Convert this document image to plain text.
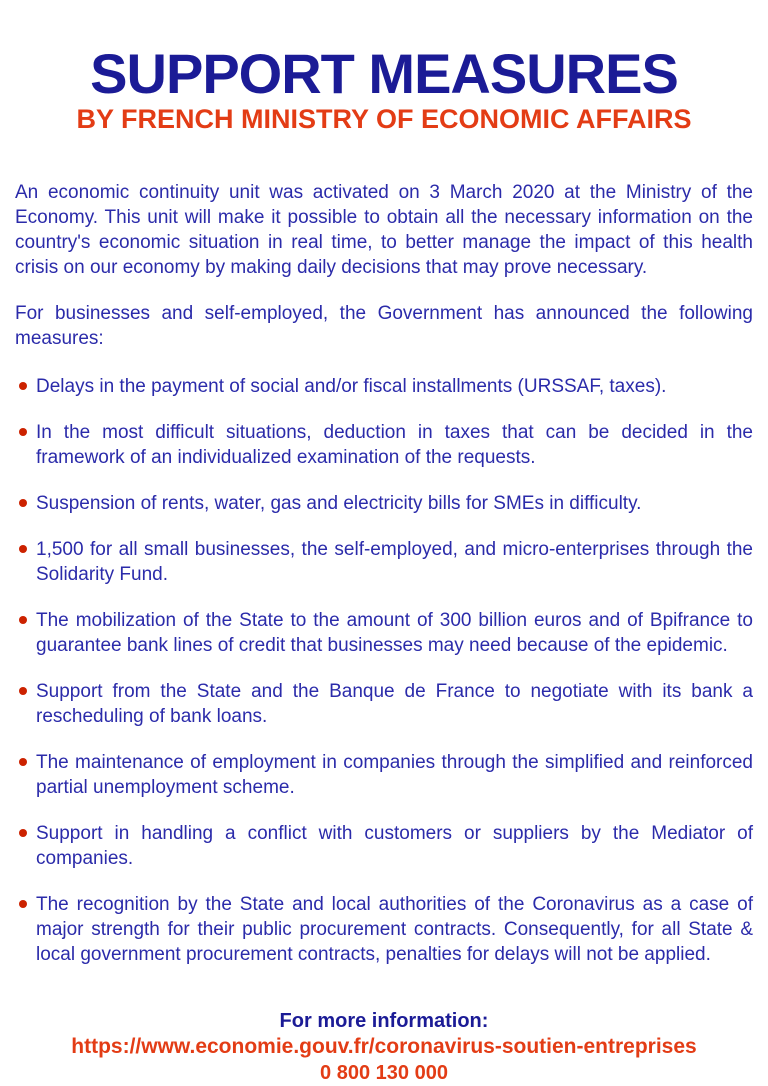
SUPPORT MEASURES
BY FRENCH MINISTRY OF ECONOMIC AFFAIRS

An economic continuity unit was activated on 3 March 2020 at the Ministry of the Economy. This unit will make it possible to obtain all the necessary information on the country's economic situation in real time, to better manage the impact of this health crisis on our economy by making daily decisions that may prove necessary.

For businesses and self-employed, the Government has announced the following measures:

Delays in the payment of social and/or fiscal installments (URSSAF, taxes).
In the most difficult situations, deduction in taxes that can be decided in the framework of an individualized examination of the requests.
Suspension of rents, water, gas and electricity bills for SMEs in difficulty.
1,500 for all small businesses, the self-employed, and micro-enterprises through the Solidarity Fund.
The mobilization of the State to the amount of 300 billion euros and of Bpifrance to guarantee bank lines of credit that businesses may need because of the epidemic.
Support from the State and the Banque de France to negotiate with its bank a rescheduling of bank loans.
The maintenance of employment in companies through the simplified and reinforced partial unemployment scheme.
Support in handling a conflict with customers or suppliers by the Mediator of companies.
The recognition by the State and local authorities of the Coronavirus as a case of major strength for their public procurement contracts. Consequently, for all State & local government procurement contracts, penalties for delays will not be applied.
For more information:
https://www.economie.gouv.fr/coronavirus-soutien-entreprises
0 800 130 000
